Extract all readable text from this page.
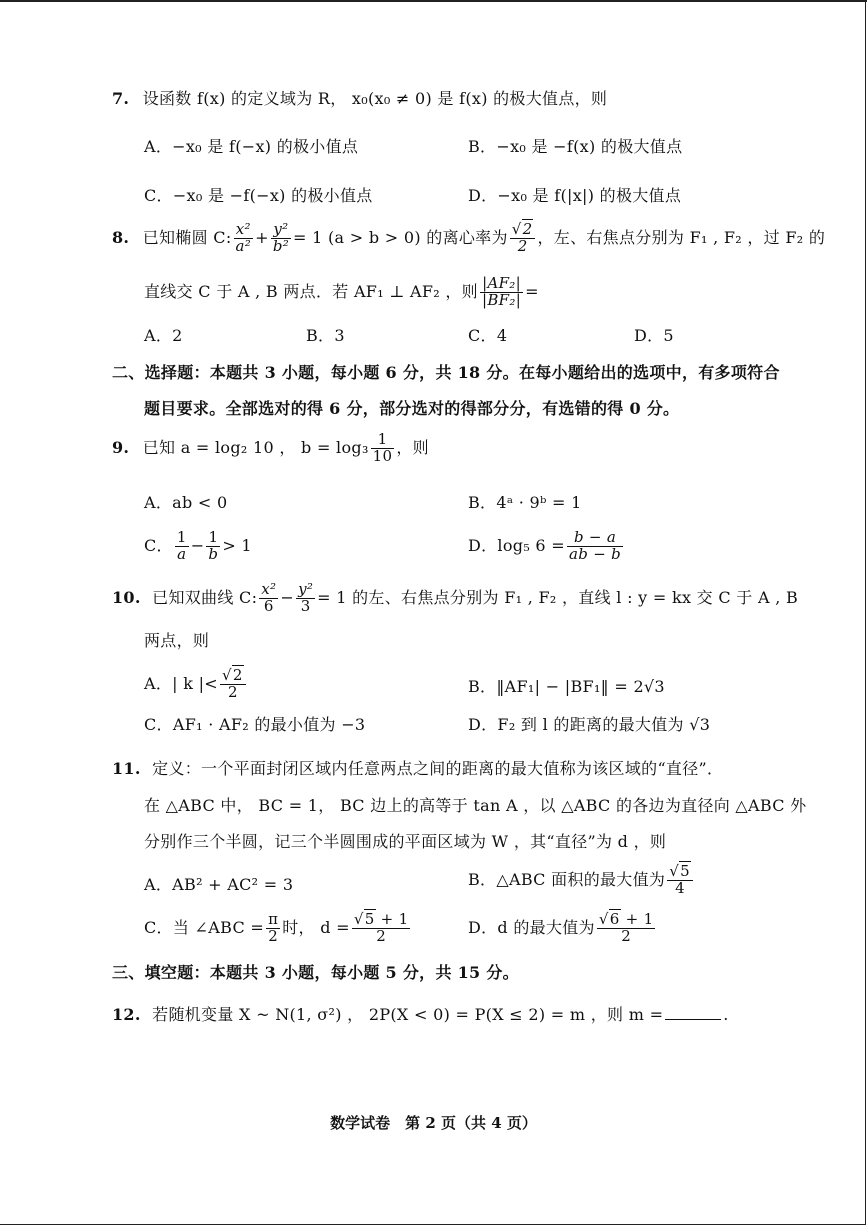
7. 设函数 f(x) 的定义域为 R， x₀(x₀ ≠ 0) 是 f(x) 的极大值点，则
A．−x₀ 是 f(−x) 的极小值点	B．−x₀ 是 −f(x) 的极大值点
C．−x₀ 是 −f(−x) 的极小值点	D．−x₀ 是 f(|x|) 的极大值点
8. 已知椭圆 C: $\frac{\text{x²}}{\text{a²}} + \frac{\text{y²}}{\text{b²}} = 1$ (a > b > 0) 的离心率为 $\frac{√2}{2}$ ，左、右焦点分别为 F₁ , F₂ ，过 F₂ 的
直线交 C 于 A , B 两点．若 AF₁ ⊥ AF₂ ，则 $\frac{\text{|AF₂|}}{\text{|BF₂|}}$ =
A．2	B．3	C．4	D．5
二、选择题：本题共 3 小题，每小题 6 分，共 18 分。在每小题给出的选项中，有多项符合
题目要求。全部选对的得 6 分，部分选对的得部分分，有选错的得 0 分。
9. 已知 a = log₂ 10 ， $b = \log_3 \frac{1}{10}$ ，则
A．ab < 0	B．4ᵃ · 9ᵇ = 1
C． $\frac{1}{a} - \frac{1}{b} > 1$	D．log₅ $6 = \frac{b - a}{ab - b}$
10. 已知双曲线 C: $\frac{\text{x²}}{6} - \frac{\text{y²}}{3} = 1$ 的左、右焦点分别为 F₁ , F₂ ，直线 l : y = kx 交 C 于 A , B
两点，则
A．| k |< $\frac{√2}{2}$	B．‖AF₁| − |BF₁‖ = 2√3
C．AF₁ · AF₂ 的最小值为 −3	D．F₂ 到 l 的距离的最大值为 √3
11. 定义：一个平面封闭区域内任意两点之间的距离的最大值称为该区域的“直径”．
在 △ABC 中， BC = 1， BC 边上的高等于 tan A ，以 △ABC 的各边为直径向 △ABC 外
分别作三个半圆，记三个半圆围成的平面区域为 W ，其“直径”为 d ，则
A．AB² + AC² = 3	B．△ABC 面积的最大值为 $\frac{√5}{4}$
C．当 ∠ABC = $\frac{\pi}{2}$ 时， $d = \frac{√5 + 1}{2}$	D．d 的最大值为 $\frac{√6 + 1}{2}$
三、填空题：本题共 3 小题，每小题 5 分，共 15 分。
12. 若随机变量 X ~ N(1, σ²) ， 2P(X < 0) = P(X ≤ 2) = m ，则 m =	.
数学试卷　第 2 页（共 4 页）
